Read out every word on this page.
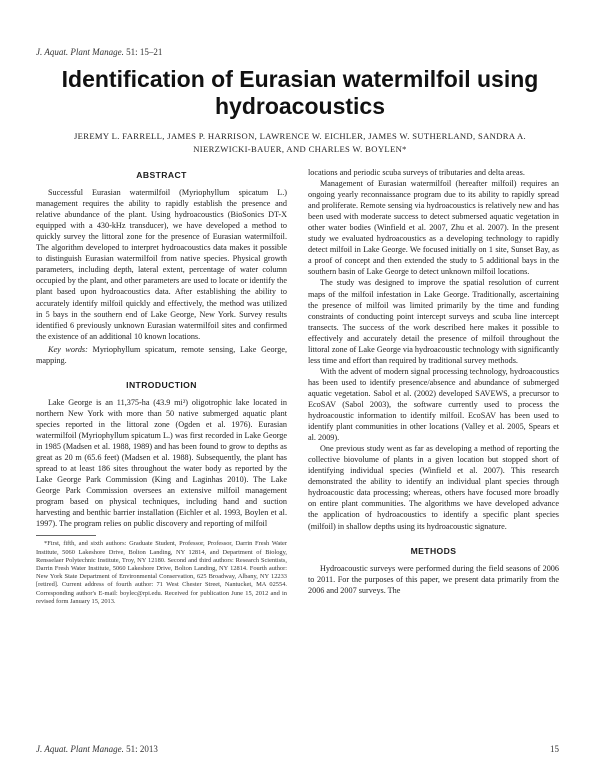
J. Aquat. Plant Manage. 51: 15–21
Identification of Eurasian watermilfoil using hydroacoustics
JEREMY L. FARRELL, JAMES P. HARRISON, LAWRENCE W. EICHLER, JAMES W. SUTHERLAND, SANDRA A. NIERZWICKI-BAUER, AND CHARLES W. BOYLEN*
ABSTRACT

Successful Eurasian watermilfoil (Myriophyllum spicatum L.) management requires the ability to rapidly establish the presence and relative abundance of the plant. Using hydroacoustics (BioSonics DT-X equipped with a 430-kHz transducer), we have developed a method to quickly survey the littoral zone for the presence of Eurasian watermilfoil. The algorithm developed to interpret hydroacoustics data makes it possible to distinguish Eurasian watermilfoil from native species. Physical growth parameters, including depth, lateral extent, percentage of water column occupied by the plant, and other parameters are used to locate or identify the plant based upon hydroacoustics data. After establishing the ability to accurately identify milfoil quickly and effectively, the method was utilized in 5 bays in the southern end of Lake George, New York. Survey results identified 6 previously unknown Eurasian watermilfoil sites and confirmed the existence of an additional 10 known locations.

Key words: Myriophyllum spicatum, remote sensing, Lake George, mapping.

INTRODUCTION

Lake George is an 11,375-ha (43.9 mi²) oligotrophic lake located in northern New York with more than 50 native submerged aquatic plant species reported in the littoral zone (Ogden et al. 1976). Eurasian watermilfoil (Myriophyllum spicatum L.) was first recorded in Lake George in 1985 (Madsen et al. 1988, 1989) and has been found to grow to depths as great as 20 m (65.6 feet) (Madsen et al. 1988). Subsequently, the plant has spread to at least 186 sites throughout the water body as reported by the Lake George Park Commission (King and Laginhas 2010). The Lake George Park Commission oversees an extensive milfoil management program based on physical techniques, including hand and suction harvesting and benthic barrier installation (Eichler et al. 1993, Boylen et al. 1997). The program relies on public discovery and reporting of milfoil

*First, fifth, and sixth authors: Graduate Student, Professor, Professor, Darrin Fresh Water Institute, 5060 Lakeshore Drive, Bolton Landing, NY 12814, and Department of Biology, Rensselaer Polytechnic Institute, Troy, NY 12180. Second and third authors: Research Scientists, Darrin Fresh Water Institute, 5060 Lakeshore Drive, Bolton Landing, NY 12814. Fourth author: New York State Department of Environmental Conservation, 625 Broadway, Albany, NY 12233 [retired]. Current address of fourth author: 71 West Chester Street, Nantucket, MA 02554. Corresponding author's E-mail: boylec@rpi.edu. Received for publication June 15, 2012 and in revised form January 15, 2013.

locations and periodic scuba surveys of tributaries and delta areas.

Management of Eurasian watermilfoil (hereafter milfoil) requires an ongoing yearly reconnaissance program due to its ability to rapidly spread and proliferate. Remote sensing via hydroacoustics is relatively new and has been used with moderate success to detect submersed aquatic vegetation in other water bodies (Winfield et al. 2007, Zhu et al. 2007). In the present study we evaluated hydroacoustics as a developing technology to rapidly detect milfoil in Lake George. We focused initially on 1 site, Sunset Bay, as a proof of concept and then extended the study to 5 additional bays in the southern basin of Lake George to detect unknown milfoil locations.

The study was designed to improve the spatial resolution of current maps of the milfoil infestation in Lake George. Traditionally, ascertaining the presence of milfoil was limited primarily by the time and funding constraints of conducting point intercept surveys and scuba line intercept transects. The success of the work described here makes it possible to effectively and accurately detail the presence of milfoil throughout the littoral zone of Lake George via hydroacoustic technology with significantly less time and effort than required by traditional survey methods.

With the advent of modern signal processing technology, hydroacoustics has been used to identify presence/absence and abundance of submerged aquatic vegetation. Sabol et al. (2002) developed SAVEWS, a precursor to EcoSAV (Sabol 2003), the software currently used to process the hydroacoustic information to identify milfoil. EcoSAV has been used to identify plant communities in other locations (Valley et al. 2005, Spears et al. 2009).

One previous study went as far as developing a method of reporting the collective biovolume of plants in a given location but stopped short of identifying individual species (Winfield et al. 2007). This research demonstrated the ability to identify an individual plant species through hydroacoustic data processing; whereas, others have focused more broadly on entire plant communities. The algorithms we have developed advance the application of hydroacoustics to identify a specific plant species (milfoil) in shallow depths using its hydroacoustic signature.

METHODS

Hydroacoustic surveys were performed during the field seasons of 2006 to 2011. For the purposes of this paper, we present data primarily from the 2006 and 2007 surveys. The

J. Aquat. Plant Manage. 51: 2013	15
